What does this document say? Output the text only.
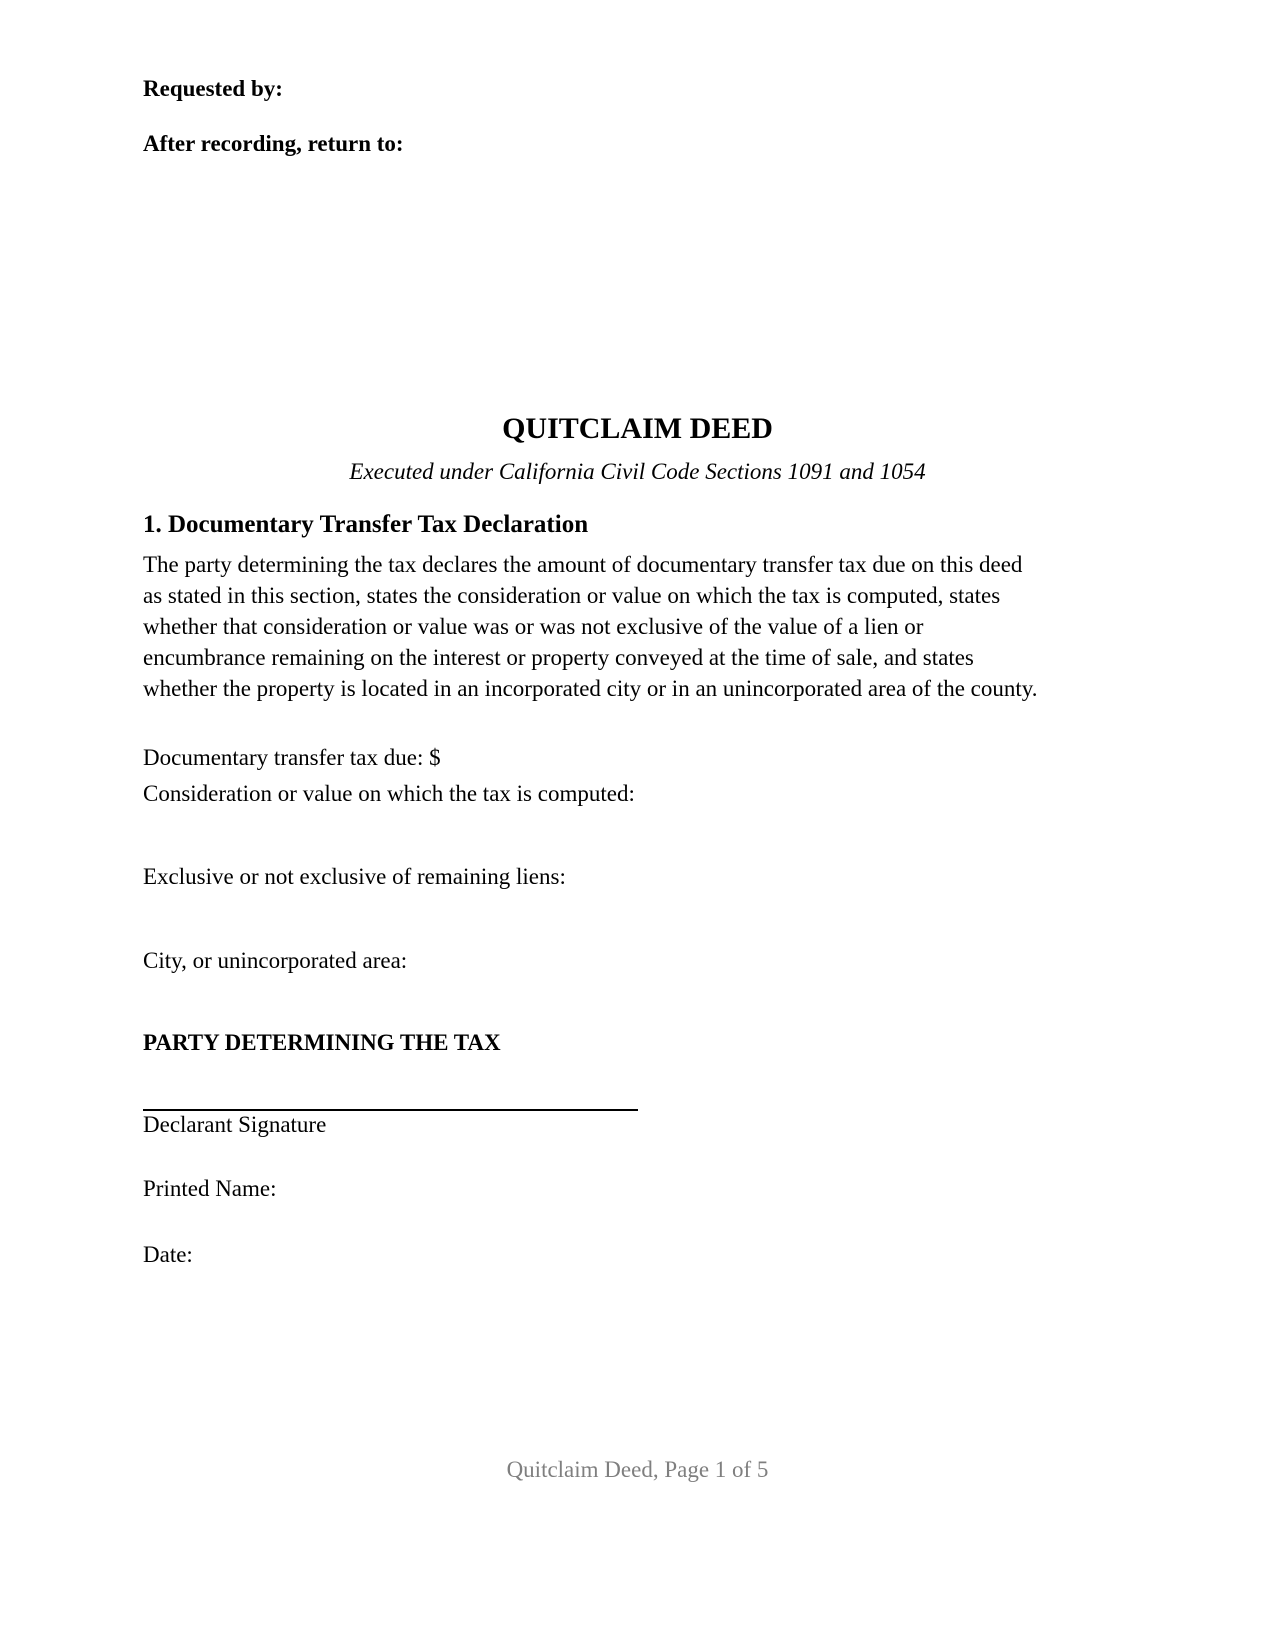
Requested by:
After recording, return to:
QUITCLAIM DEED
Executed under California Civil Code Sections 1091 and 1054
1. Documentary Transfer Tax Declaration
The party determining the tax declares the amount of documentary transfer tax due on this deed
as stated in this section, states the consideration or value on which the tax is computed, states
whether that consideration or value was or was not exclusive of the value of a lien or
encumbrance remaining on the interest or property conveyed at the time of sale, and states
whether the property is located in an incorporated city or in an unincorporated area of the county.
Documentary transfer tax due: $
Consideration or value on which the tax is computed:
Exclusive or not exclusive of remaining liens:
City, or unincorporated area:
PARTY DETERMINING THE TAX
Declarant Signature
Printed Name:
Date:
Quitclaim Deed, Page 1 of 5
